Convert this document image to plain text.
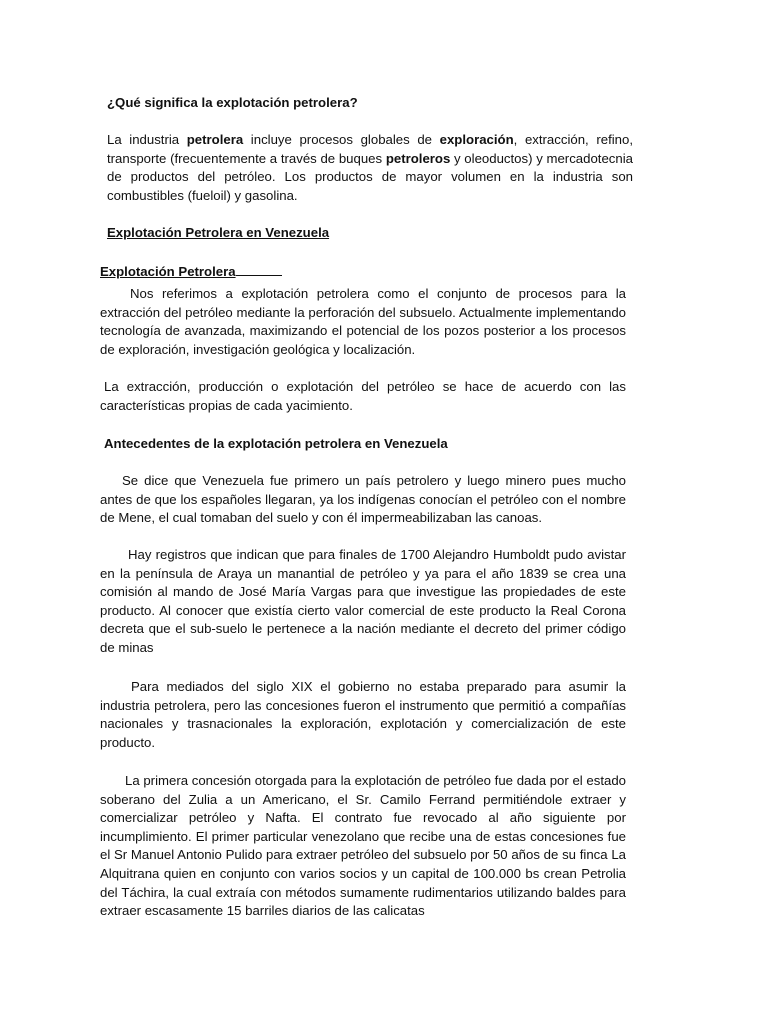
¿Qué significa la explotación petrolera?

La industria petrolera incluye procesos globales de exploración, extracción, refino, transporte (frecuentemente a través de buques petroleros y oleoductos) y mercadotecnia de productos del petróleo. Los productos de mayor volumen en la industria son combustibles (fueloil) y gasolina.

Explotación Petrolera en Venezuela
Explotación Petrolera

Nos referimos a explotación petrolera como el conjunto de procesos para la extracción del petróleo mediante la perforación del subsuelo. Actualmente implementando tecnología de avanzada, maximizando el potencial de los pozos posterior a los procesos de exploración, investigación geológica y localización.

La extracción, producción o explotación del petróleo se hace de acuerdo con las características propias de cada yacimiento.

Antecedentes de la explotación petrolera en Venezuela

Se dice que Venezuela fue primero un país petrolero y luego minero pues mucho antes de que los españoles llegaran, ya los indígenas conocían el petróleo con el nombre de Mene, el cual tomaban del suelo y con él impermeabilizaban las canoas.

Hay registros que indican que para finales de 1700 Alejandro Humboldt pudo avistar en la península de Araya un manantial de petróleo y ya para el año 1839 se crea una comisión al mando de José María Vargas para que investigue las propiedades de este producto. Al conocer que existía cierto valor comercial de este producto la Real Corona decreta que el sub-suelo le pertenece a la nación mediante el decreto del primer código de minas

Para mediados del siglo XIX el gobierno no estaba preparado para asumir la industria petrolera, pero las concesiones fueron el instrumento que permitió a compañías nacionales y trasnacionales la exploración, explotación y comercialización de este producto.

La primera concesión otorgada para la explotación de petróleo fue dada por el estado soberano del Zulia a un Americano, el Sr. Camilo Ferrand permitiéndole extraer y comercializar petróleo y Nafta. El contrato fue revocado al año siguiente por incumplimiento. El primer particular venezolano que recibe una de estas concesiones fue el Sr Manuel Antonio Pulido para extraer petróleo del subsuelo por 50 años de su finca La Alquitrana quien en conjunto con varios socios y un capital de 100.000 bs crean Petrolia del Táchira, la cual extraía con métodos sumamente rudimentarios utilizando baldes para extraer escasamente 15 barriles diarios de las calicatas
